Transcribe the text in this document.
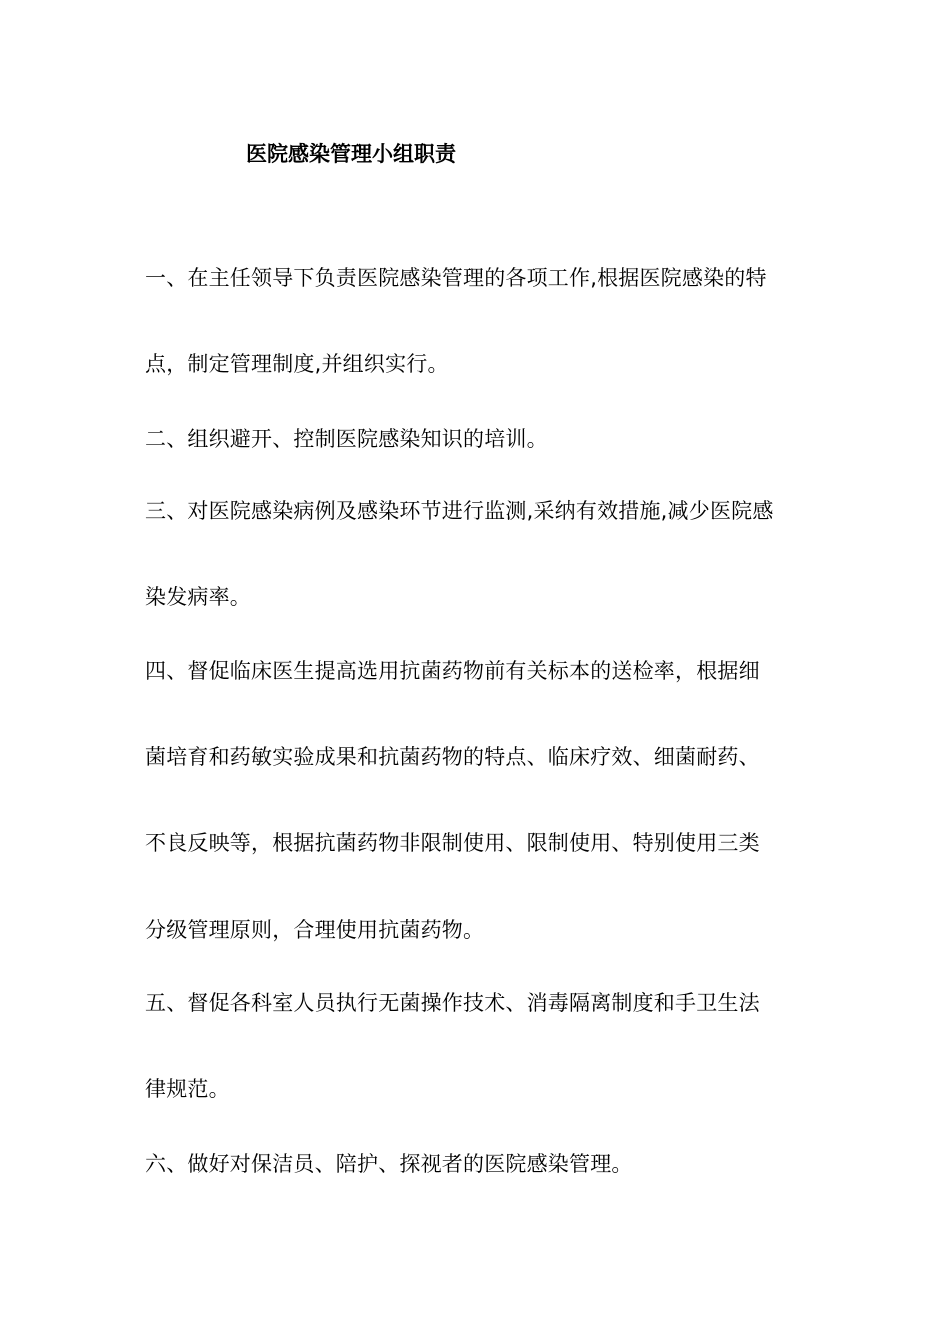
医院感染管理小组职责
一、在主任领导下负责医院感染管理的各项工作,根据医院感染的特
点，制定管理制度,并组织实行。
二、组织避开、控制医院感染知识的培训。
三、对医院感染病例及感染环节进行监测,采纳有效措施,减少医院感
染发病率。
四、督促临床医生提高选用抗菌药物前有关标本的送检率，根据细
菌培育和药敏实验成果和抗菌药物的特点、临床疗效、细菌耐药、
不良反映等，根据抗菌药物非限制使用、限制使用、特别使用三类
分级管理原则，合理使用抗菌药物。
五、督促各科室人员执行无菌操作技术、消毒隔离制度和手卫生法
律规范。
六、做好对保洁员、陪护、探视者的医院感染管理。
